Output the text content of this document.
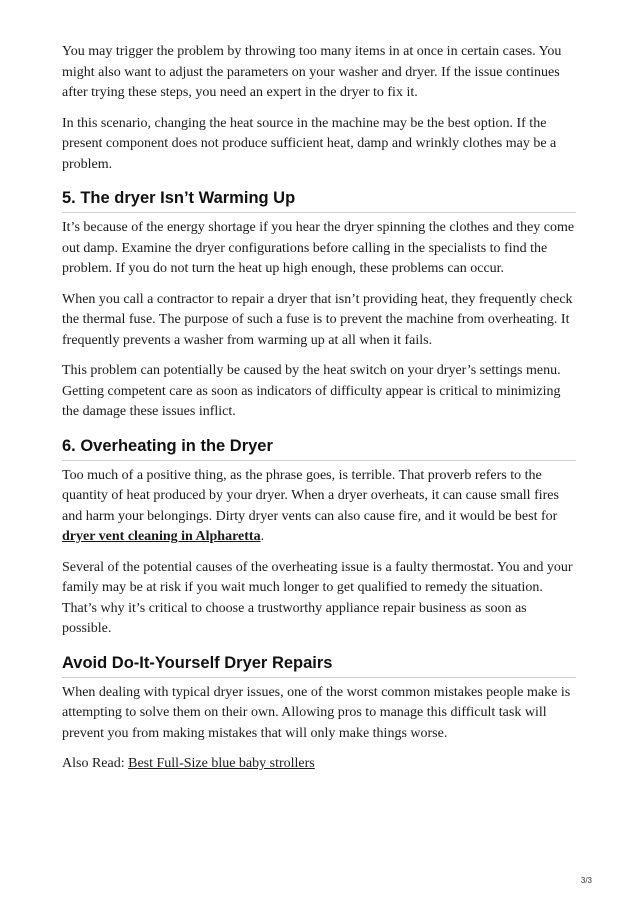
You may trigger the problem by throwing too many items in at once in certain cases. You might also want to adjust the parameters on your washer and dryer. If the issue continues after trying these steps, you need an expert in the dryer to fix it.

In this scenario, changing the heat source in the machine may be the best option. If the present component does not produce sufficient heat, damp and wrinkly clothes may be a problem.

5. The dryer Isn’t Warming Up

It’s because of the energy shortage if you hear the dryer spinning the clothes and they come out damp. Examine the dryer configurations before calling in the specialists to find the problem. If you do not turn the heat up high enough, these problems can occur.

When you call a contractor to repair a dryer that isn’t providing heat, they frequently check the thermal fuse. The purpose of such a fuse is to prevent the machine from overheating. It frequently prevents a washer from warming up at all when it fails.

This problem can potentially be caused by the heat switch on your dryer’s settings menu. Getting competent care as soon as indicators of difficulty appear is critical to minimizing the damage these issues inflict.

6. Overheating in the Dryer

Too much of a positive thing, as the phrase goes, is terrible. That proverb refers to the quantity of heat produced by your dryer. When a dryer overheats, it can cause small fires and harm your belongings. Dirty dryer vents can also cause fire, and it would be best for dryer vent cleaning in Alpharetta.

Several of the potential causes of the overheating issue is a faulty thermostat. You and your family may be at risk if you wait much longer to get qualified to remedy the situation. That’s why it’s critical to choose a trustworthy appliance repair business as soon as possible.

Avoid Do-It-Yourself Dryer Repairs

When dealing with typical dryer issues, one of the worst common mistakes people make is attempting to solve them on their own. Allowing pros to manage this difficult task will prevent you from making mistakes that will only make things worse.

Also Read: Best Full-Size blue baby strollers

3/3
